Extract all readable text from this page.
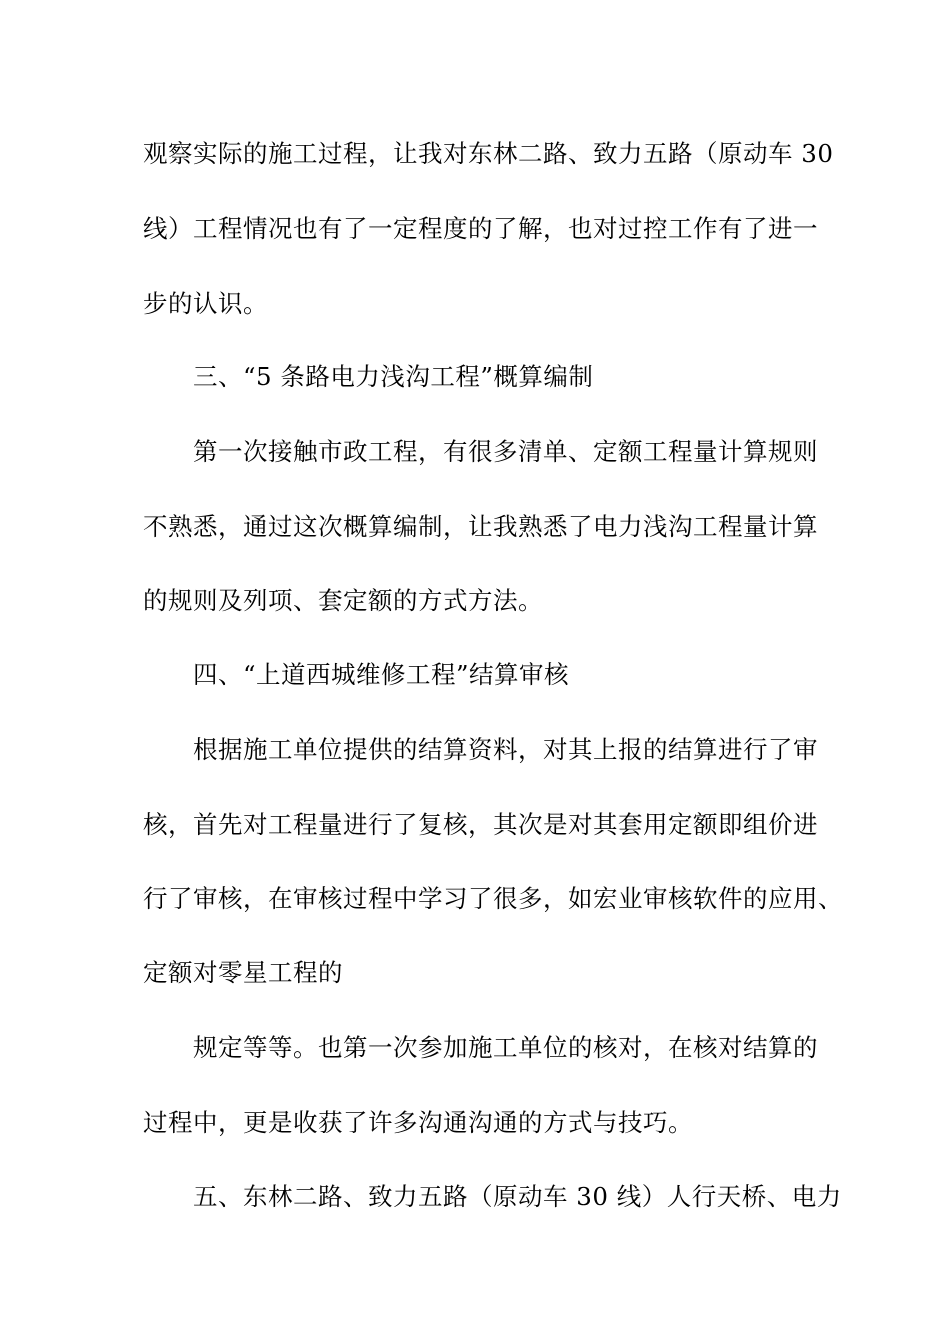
观察实际的施工过程，让我对东林二路、致力五路（原动车 30
线）工程情况也有了一定程度的了解，也对过控工作有了进一
步的认识。
三、“5 条路电力浅沟工程”概算编制
第一次接触市政工程，有很多清单、定额工程量计算规则
不熟悉，通过这次概算编制，让我熟悉了电力浅沟工程量计算
的规则及列项、套定额的方式方法。
四、“上道西城维修工程”结算审核
根据施工单位提供的结算资料，对其上报的结算进行了审
核，首先对工程量进行了复核，其次是对其套用定额即组价进
行了审核，在审核过程中学习了很多，如宏业审核软件的应用、
定额对零星工程的
规定等等。也第一次参加施工单位的核对，在核对结算的
过程中，更是收获了许多沟通沟通的方式与技巧。
五、东林二路、致力五路（原动车 30 线）人行天桥、电力
